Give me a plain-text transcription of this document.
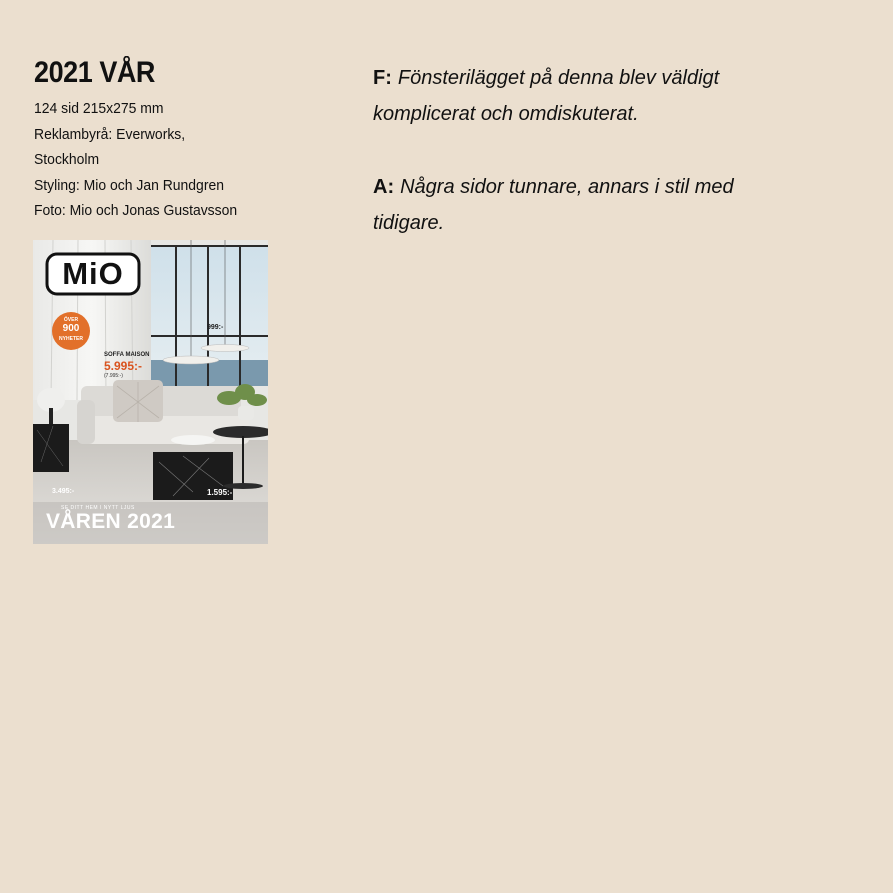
2021 VÅR
124 sid 215x275 mm
Reklambyrå: Everworks,
Stockholm
Styling: Mio och Jan Rundgren
Foto: Mio och Jonas Gustavsson
MiO
ÖVER
900
NYHETER
SOFFA MAISON
5.995:-
(7.995:-)
999:-
3.495:-	1.595:-
SE DITT HEM I NYTT LJUS
VÅREN 2021

F: Fönsterilägget på denna blev väldigt komplicerat och omdiskuterat.

A: Några sidor tunnare, annars i stil med tidigare.
